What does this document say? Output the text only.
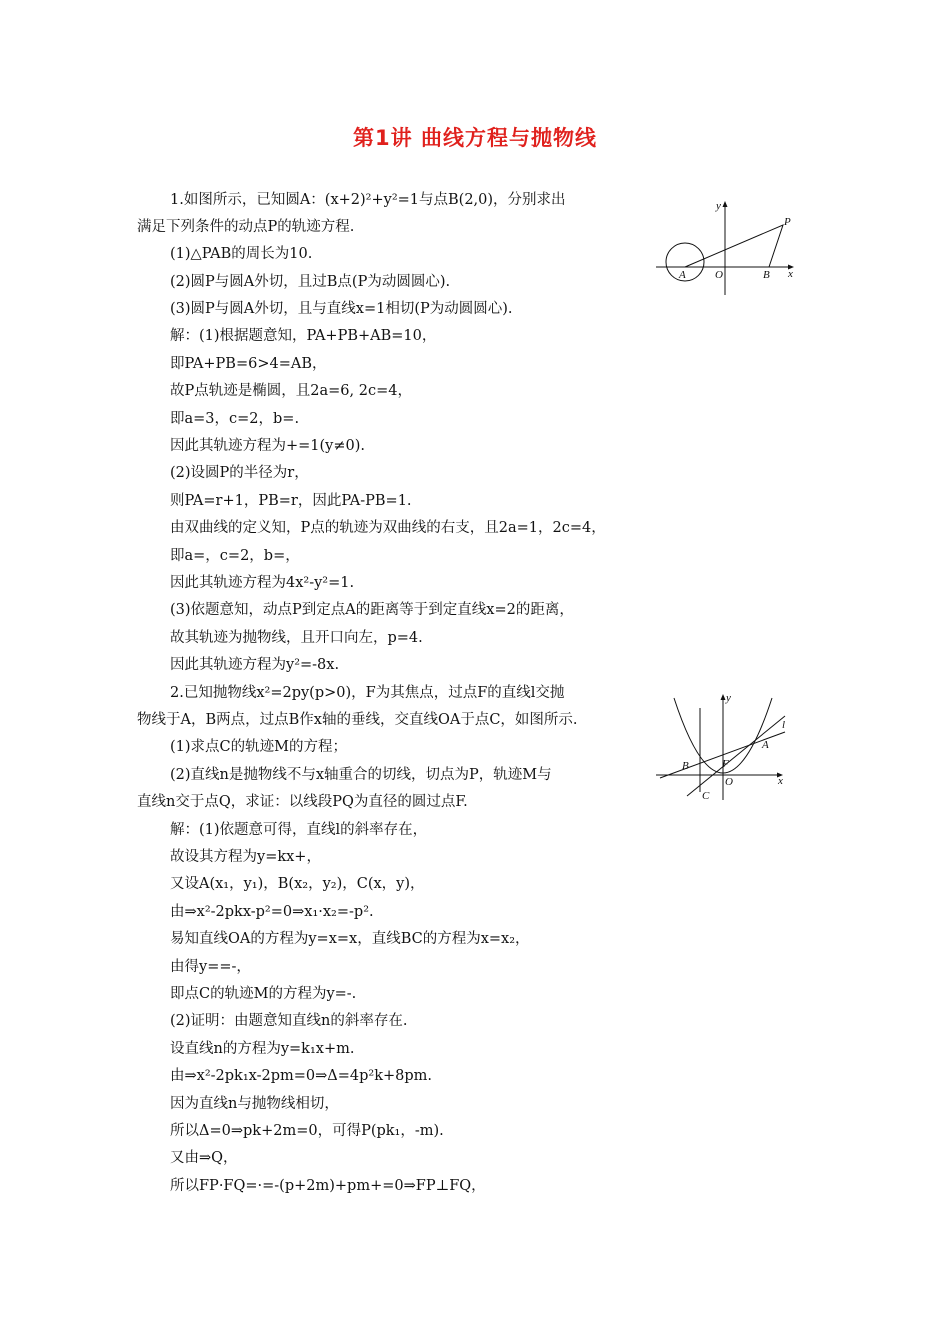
第1讲 曲线方程与抛物线
1.如图所示，已知圆A：(x+2)²+y²=1与点B(2,0)，分别求出
满足下列条件的动点P的轨迹方程.
(1)△PAB的周长为10.
(2)圆P与圆A外切，且过B点(P为动圆圆心).
(3)圆P与圆A外切，且与直线x=1相切(P为动圆圆心).
解：(1)根据题意知，PA+PB+AB=10，
即PA+PB=6>4=AB，
故P点轨迹是椭圆，且2a=6, 2c=4，
即a=3，c=2，b=.
因此其轨迹方程为+=1(y≠0).
(2)设圆P的半径为r，
则PA=r+1，PB=r，因此PA-PB=1.
由双曲线的定义知，P点的轨迹为双曲线的右支，且2a=1，2c=4，
即a=，c=2，b=，
因此其轨迹方程为4x²-y²=1.
(3)依题意知，动点P到定点A的距离等于到定直线x=2的距离，
故其轨迹为抛物线，且开口向左，p=4.
因此其轨迹方程为y²=-8x.
2.已知抛物线x²=2py(p>0)，F为其焦点，过点F的直线l交抛
物线于A，B两点，过点B作x轴的垂线，交直线OA于点C，如图所示.
(1)求点C的轨迹M的方程；
(2)直线n是抛物线不与x轴重合的切线，切点为P，轨迹M与
直线n交于点Q，求证：以线段PQ为直径的圆过点F.
解：(1)依题意可得，直线l的斜率存在，
故设其方程为y=kx+，
又设A(x₁，y₁)，B(x₂，y₂)，C(x，y)，
由⇒x²-2pkx-p²=0⇒x₁·x₂=-p².
易知直线OA的方程为y=x=x，直线BC的方程为x=x₂，
由得y==-，
即点C的轨迹M的方程为y=-.
(2)证明：由题意知直线n的斜率存在.
设直线n的方程为y=k₁x+m.
由⇒x²-2pk₁x-2pm=0⇒Δ=4p²k+8pm.
因为直线n与抛物线相切，
所以Δ=0⇒pk+2m=0，可得P(pk₁，-m).
又由⇒Q，
所以FP·FQ=·=-(p+2m)+pm+=0⇒FP⊥FQ，
y
P
A	O	B x
y
l
A
B	F
O
C
x
